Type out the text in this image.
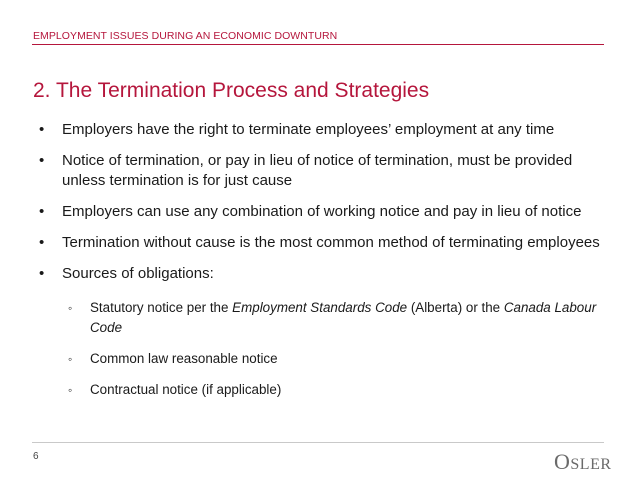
EMPLOYMENT ISSUES DURING AN ECONOMIC DOWNTURN
2. The Termination Process and Strategies
• Employers have the right to terminate employees’ employment at any time
• Notice of termination, or pay in lieu of notice of termination, must be provided unless termination is for just cause
• Employers can use any combination of working notice and pay in lieu of notice
• Termination without cause is the most common method of terminating employees
• Sources of obligations:
◦ Statutory notice per the Employment Standards Code (Alberta) or the Canada Labour Code
◦ Common law reasonable notice
◦ Contractual notice (if applicable)
6	OSLER
